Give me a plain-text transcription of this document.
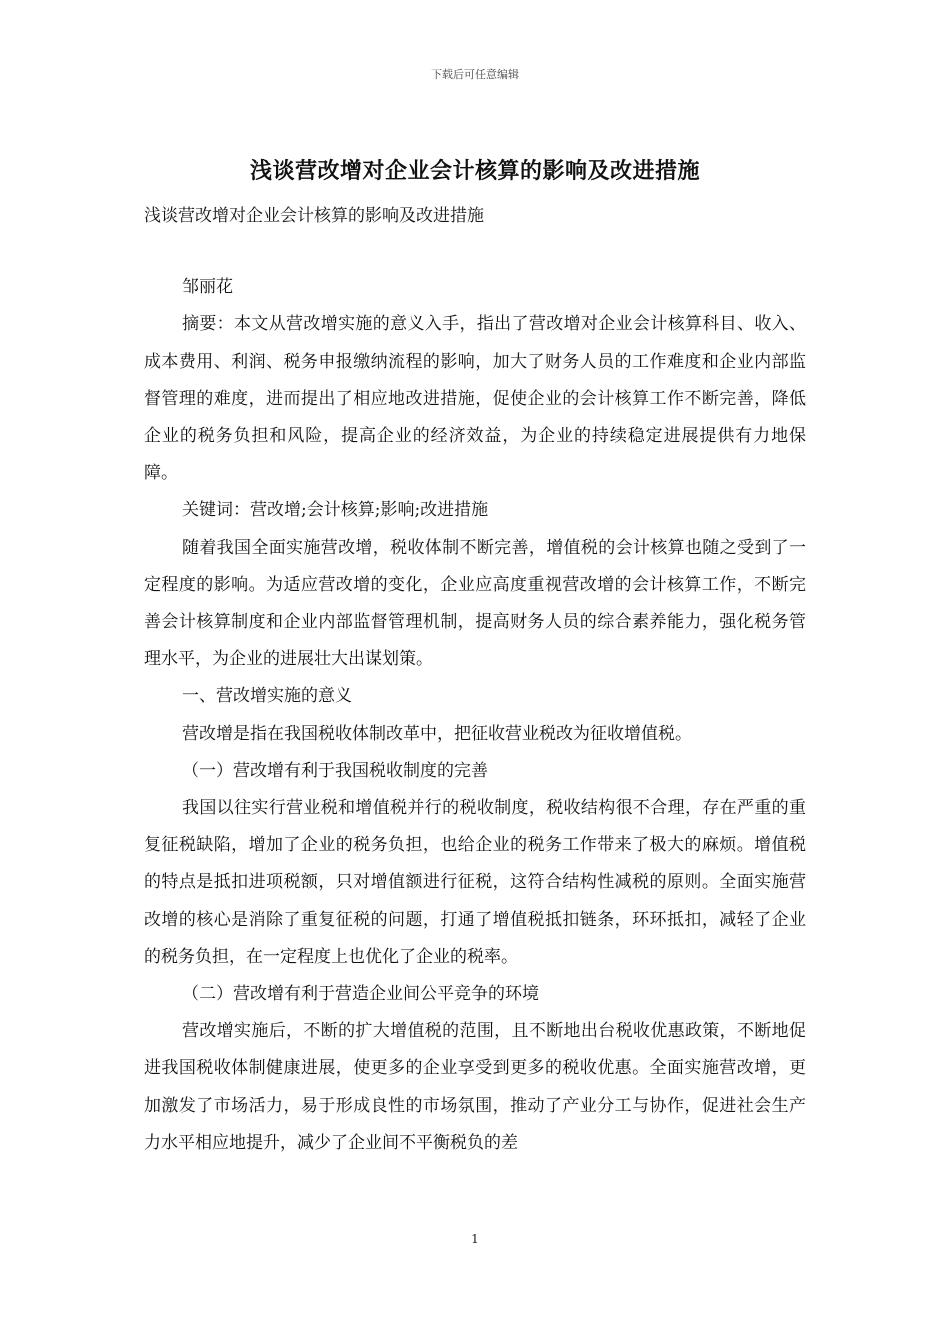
下载后可任意编辑
浅谈营改增对企业会计核算的影响及改进措施

浅谈营改增对企业会计核算的影响及改进措施

邹丽花

摘要：本文从营改增实施的意义入手，指出了营改增对企业会计核算科目、收入、成本费用、利润、税务申报缴纳流程的影响，加大了财务人员的工作难度和企业内部监督管理的难度，进而提出了相应地改进措施，促使企业的会计核算工作不断完善，降低企业的税务负担和风险，提高企业的经济效益，为企业的持续稳定进展提供有力地保障。

关键词：营改增;会计核算;影响;改进措施

随着我国全面实施营改增，税收体制不断完善，增值税的会计核算也随之受到了一定程度的影响。为适应营改增的变化，企业应高度重视营改增的会计核算工作，不断完善会计核算制度和企业内部监督管理机制，提高财务人员的综合素养能力，强化税务管理水平，为企业的进展壮大出谋划策。

一、营改增实施的意义

营改增是指在我国税收体制改革中，把征收营业税改为征收增值税。

（一）营改增有利于我国税收制度的完善

我国以往实行营业税和增值税并行的税收制度，税收结构很不合理，存在严重的重复征税缺陷，增加了企业的税务负担，也给企业的税务工作带来了极大的麻烦。增值税的特点是抵扣进项税额，只对增值额进行征税，这符合结构性减税的原则。全面实施营改增的核心是消除了重复征税的问题，打通了增值税抵扣链条，环环抵扣，减轻了企业的税务负担，在一定程度上也优化了企业的税率。

（二）营改增有利于营造企业间公平竞争的环境

营改增实施后，不断的扩大增值税的范围，且不断地出台税收优惠政策，不断地促进我国税收体制健康进展，使更多的企业享受到更多的税收优惠。全面实施营改增，更加激发了市场活力，易于形成良性的市场氛围，推动了产业分工与协作，促进社会生产力水平相应地提升，减少了企业间不平衡税负的差

1
